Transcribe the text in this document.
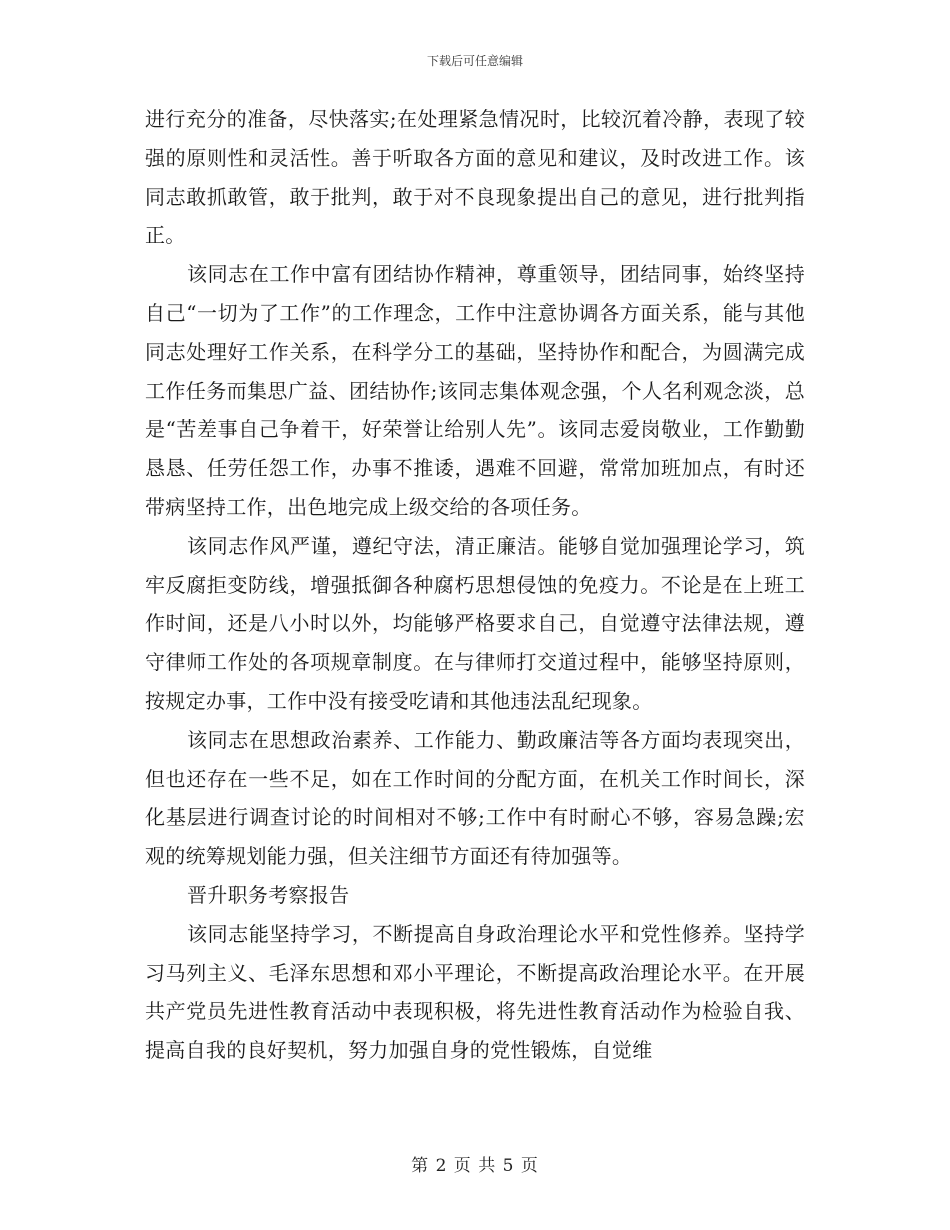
下载后可任意编辑

进行充分的准备，尽快落实;在处理紧急情况时，比较沉着冷静，表现了较强的原则性和灵活性。善于听取各方面的意见和建议，及时改进工作。该同志敢抓敢管，敢于批判，敢于对不良现象提出自己的意见，进行批判指正。

该同志在工作中富有团结协作精神，尊重领导，团结同事，始终坚持自己“一切为了工作”的工作理念，工作中注意协调各方面关系，能与其他同志处理好工作关系，在科学分工的基础，坚持协作和配合，为圆满完成工作任务而集思广益、团结协作;该同志集体观念强，个人名利观念淡，总是“苦差事自己争着干，好荣誉让给别人先”。该同志爱岗敬业，工作勤勤恳恳、任劳任怨工作，办事不推诿，遇难不回避，常常加班加点，有时还带病坚持工作，出色地完成上级交给的各项任务。

该同志作风严谨，遵纪守法，清正廉洁。能够自觉加强理论学习，筑牢反腐拒变防线，增强抵御各种腐朽思想侵蚀的免疫力。不论是在上班工作时间，还是八小时以外，均能够严格要求自己，自觉遵守法律法规，遵守律师工作处的各项规章制度。在与律师打交道过程中，能够坚持原则，按规定办事，工作中没有接受吃请和其他违法乱纪现象。

该同志在思想政治素养、工作能力、勤政廉洁等各方面均表现突出，但也还存在一些不足，如在工作时间的分配方面，在机关工作时间长，深化基层进行调查讨论的时间相对不够;工作中有时耐心不够，容易急躁;宏观的统筹规划能力强，但关注细节方面还有待加强等。

晋升职务考察报告

该同志能坚持学习，不断提高自身政治理论水平和党性修养。坚持学习马列主义、毛泽东思想和邓小平理论，不断提高政治理论水平。在开展共产党员先进性教育活动中表现积极，将先进性教育活动作为检验自我、提高自我的良好契机，努力加强自身的党性锻炼，自觉维

第 2 页 共 5 页
